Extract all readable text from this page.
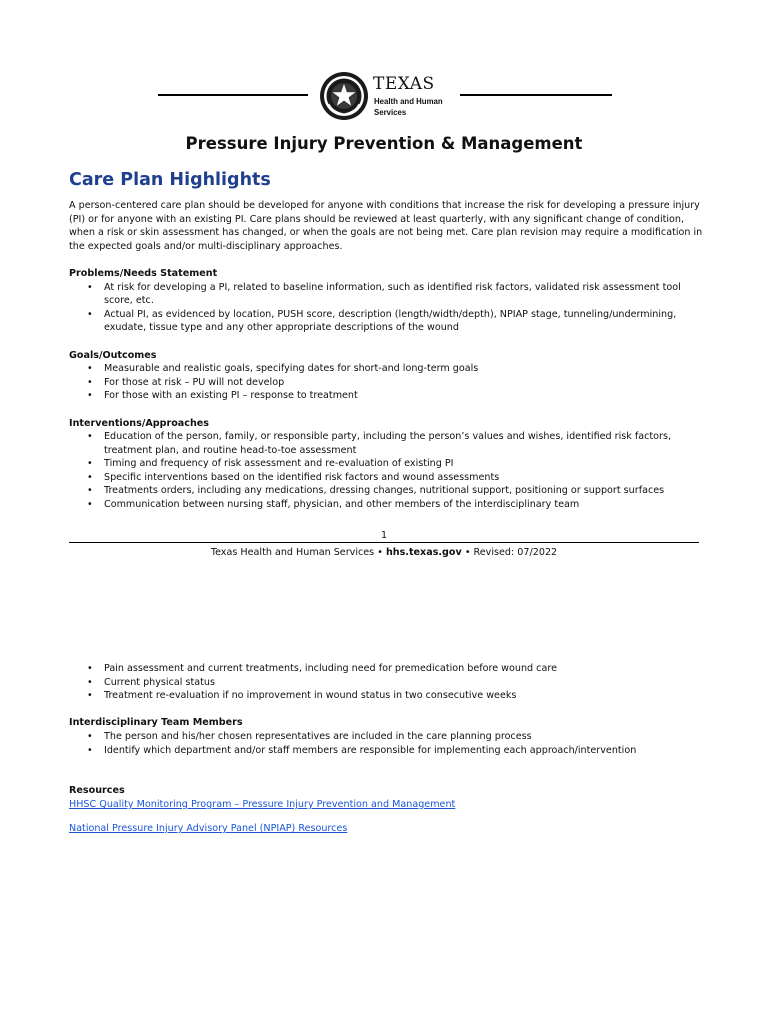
TEXAS
Health and Human
Services
Pressure Injury Prevention & Management
Care Plan Highlights

A person-centered care plan should be developed for anyone with conditions that increase the risk for developing a pressure injury (PI) or for anyone with an existing PI. Care plans should be reviewed at least quarterly, with any significant change of condition, when a risk or skin assessment has changed, or when the goals are not being met. Care plan revision may require a modification in the expected goals and/or multi-disciplinary approaches.

Problems/Needs Statement

• At risk for developing a PI, related to baseline information, such as identified risk factors, validated risk assessment tool score, etc.
• Actual PI, as evidenced by location, PUSH score, description (length/width/depth), NPIAP stage, tunneling/undermining, exudate, tissue type and any other appropriate descriptions of the wound

Goals/Outcomes

• Measurable and realistic goals, specifying dates for short-and long-term goals
• For those at risk – PU will not develop
• For those with an existing PI – response to treatment

Interventions/Approaches

• Education of the person, family, or responsible party, including the person’s values and wishes, identified risk factors, treatment plan, and routine head-to-toe assessment
• Timing and frequency of risk assessment and re-evaluation of existing PI
• Specific interventions based on the identified risk factors and wound assessments
• Treatments orders, including any medications, dressing changes, nutritional support, positioning or support surfaces
• Communication between nursing staff, physician, and other members of the interdisciplinary team
1
Texas Health and Human Services • hhs.texas.gov • Revised: 07/2022
• Pain assessment and current treatments, including need for premedication before wound care
• Current physical status
• Treatment re-evaluation if no improvement in wound status in two consecutive weeks

Interdisciplinary Team Members

• The person and his/her chosen representatives are included in the care planning process
• Identify which department and/or staff members are responsible for implementing each approach/intervention

Resources

HHSC Quality Monitoring Program – Pressure Injury Prevention and Management

National Pressure Injury Advisory Panel (NPIAP) Resources
